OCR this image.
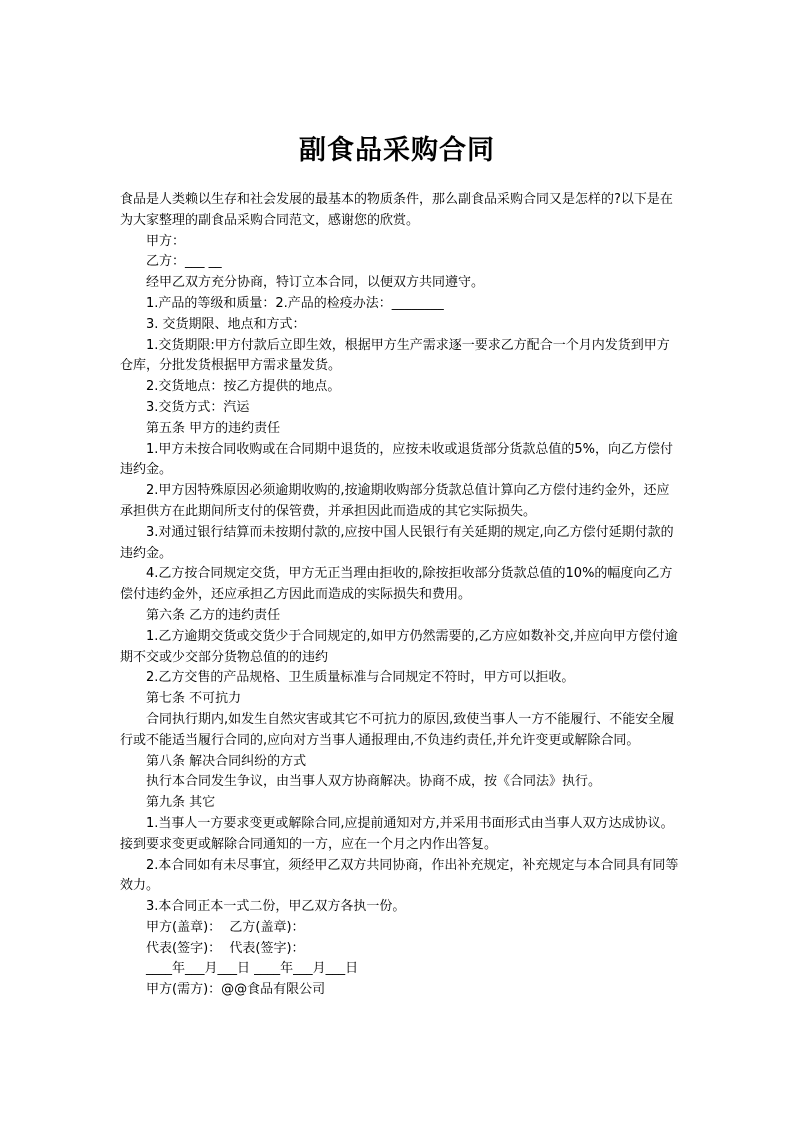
副食品采购合同

食品是人类赖以生存和社会发展的最基本的物质条件，那么副食品采购合同又是怎样的?以下是在为大家整理的副食品采购合同范文，感谢您的欣赏。

甲方：

乙方：___ __

经甲乙双方充分协商，特订立本合同，以便双方共同遵守。

1.产品的等级和质量：2.产品的检疫办法：________

3. 交货期限、地点和方式：

1.交货期限:甲方付款后立即生效，根据甲方生产需求逐一要求乙方配合一个月内发货到甲方仓库，分批发货根据甲方需求量发货。

2.交货地点：按乙方提供的地点。

3.交货方式：汽运

第五条 甲方的违约责任

1.甲方未按合同收购或在合同期中退货的，应按未收或退货部分货款总值的5%，向乙方偿付违约金。

2.甲方因特殊原因必须逾期收购的,按逾期收购部分货款总值计算向乙方偿付违约金外，还应承担供方在此期间所支付的保管费，并承担因此而造成的其它实际损失。

3.对通过银行结算而未按期付款的,应按中国人民银行有关延期的规定,向乙方偿付延期付款的违约金。

4.乙方按合同规定交货，甲方无正当理由拒收的,除按拒收部分货款总值的10%的幅度向乙方偿付违约金外，还应承担乙方因此而造成的实际损失和费用。

第六条 乙方的违约责任

1.乙方逾期交货或交货少于合同规定的,如甲方仍然需要的,乙方应如数补交,并应向甲方偿付逾期不交或少交部分货物总值的的违约

2.乙方交售的产品规格、卫生质量标准与合同规定不符时，甲方可以拒收。

第七条 不可抗力

合同执行期内,如发生自然灾害或其它不可抗力的原因,致使当事人一方不能履行、不能安全履行或不能适当履行合同的,应向对方当事人通报理由,不负违约责任,并允许变更或解除合同。

第八条 解决合同纠纷的方式

执行本合同发生争议，由当事人双方协商解决。协商不成，按《合同法》执行。

第九条 其它

1.当事人一方要求变更或解除合同,应提前通知对方,并采用书面形式由当事人双方达成协议。接到要求变更或解除合同通知的一方，应在一个月之内作出答复。

2.本合同如有未尽事宜，须经甲乙双方共同协商，作出补充规定，补充规定与本合同具有同等效力。

3.本合同正本一式二份，甲乙双方各执一份。

甲方(盖章)：  乙方(盖章)：

代表(签字)：  代表(签字)：

____年___月___日 ____年___月___日

甲方(需方)：@@食品有限公司
